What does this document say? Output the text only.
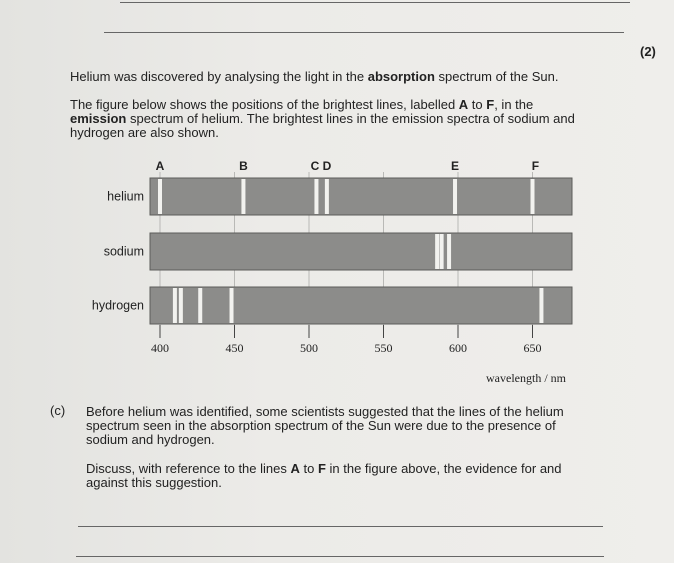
(2)
Helium was discovered by analysing the light in the absorption spectrum of the Sun.
The figure below shows the positions of the brightest lines, labelled A to F, in the
emission spectrum of helium. The brightest lines in the emission spectra of sodium and
hydrogen are also shown.
helium
sodium
hydrogen
A	B	C D	E	F
400	450	500	550	600	650
wavelength / nm
(c) Before helium was identified, some scientists suggested that the lines of the helium
spectrum seen in the absorption spectrum of the Sun were due to the presence of
sodium and hydrogen.
Discuss, with reference to the lines A to F in the figure above, the evidence for and
against this suggestion.
